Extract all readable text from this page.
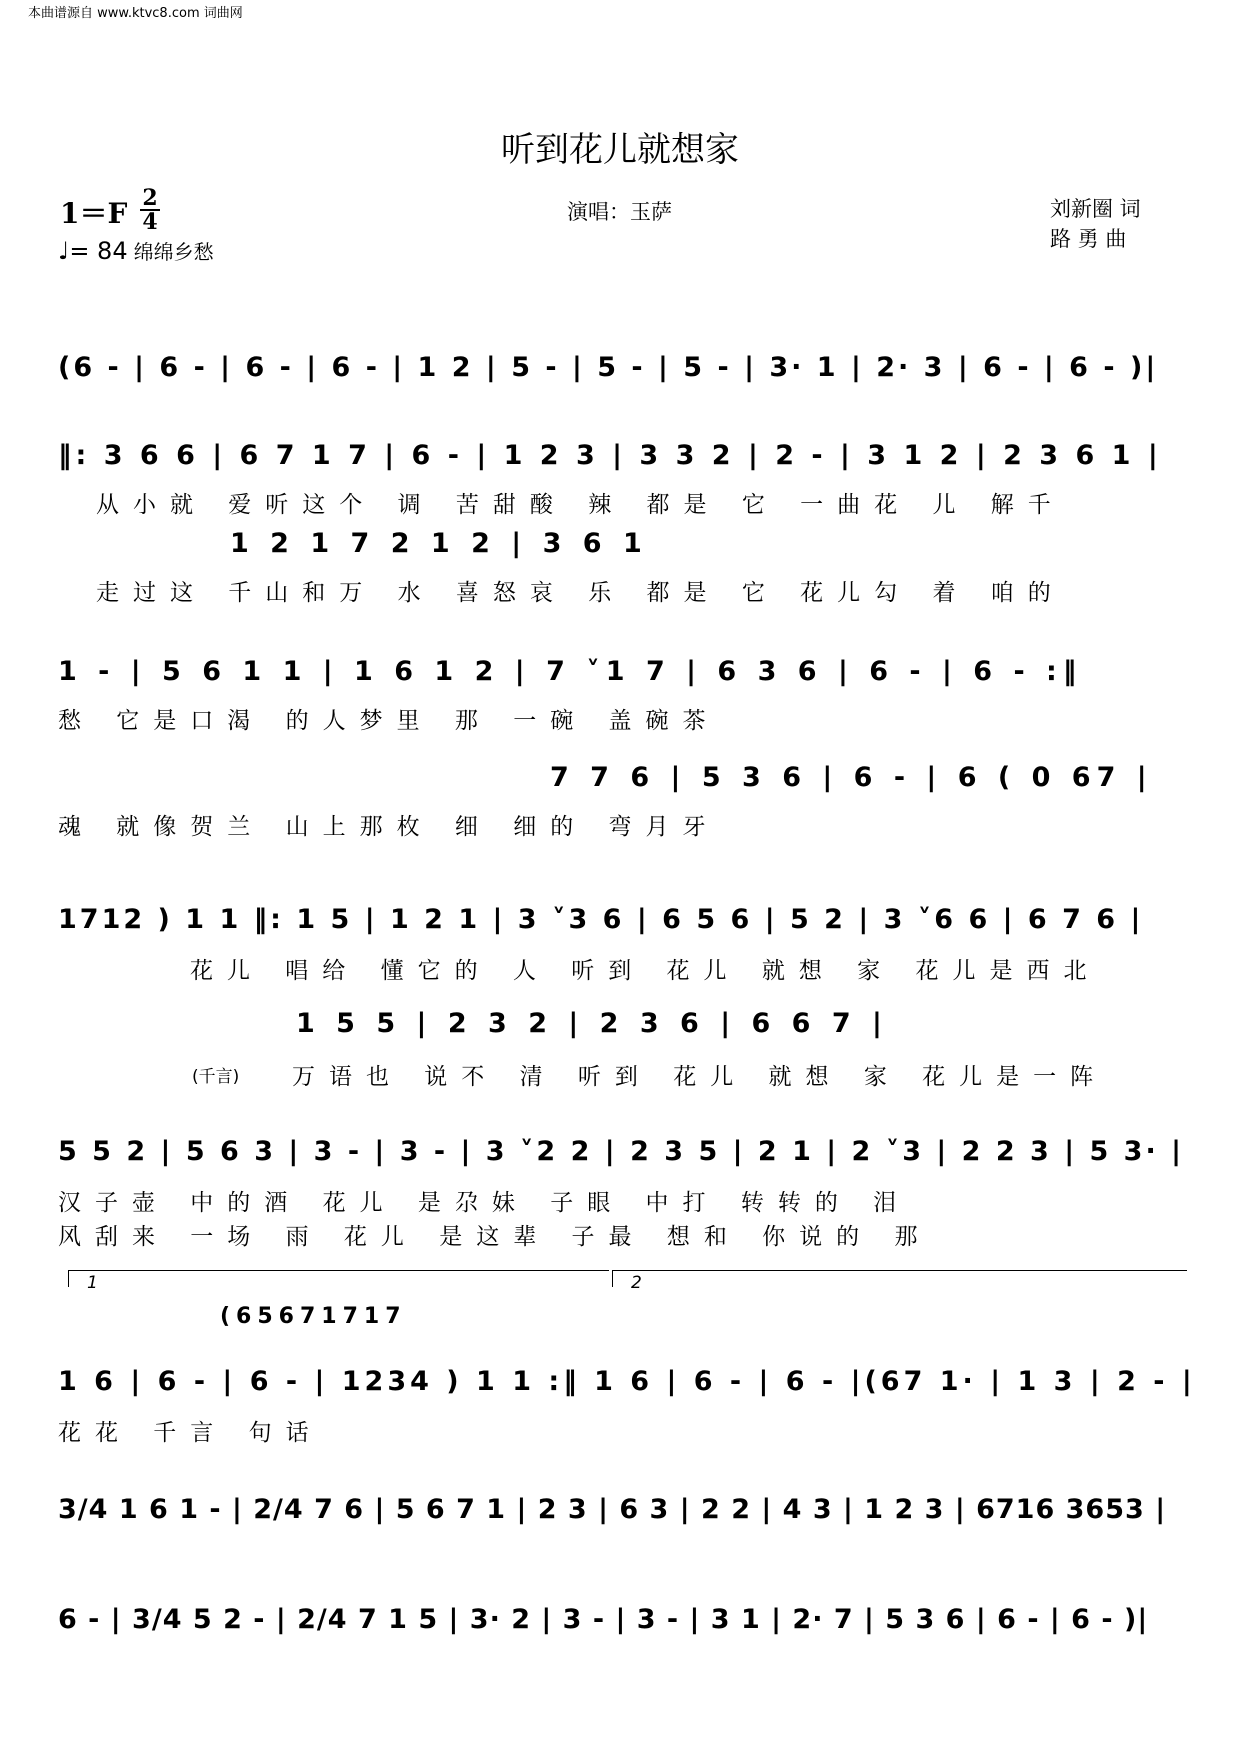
本曲谱源自 www.ktvc8.com 词曲网
听到花儿就想家
1＝F 2
4
♩= 84 绵绵乡愁
演唱：玉萨	刘新圈 词
路 勇 曲
(6 - | 6 - | 6 - | 6 - | 1 2 | 5 - | 5 - | 5 - | 3· 1 | 2· 3 | 6 - | 6 - )|
‖: 3 6 6 | 6 7 1 7 | 6 - | 1 2 3 | 3 3 2 | 2 - | 3 1 2 | 2 3 6 1 |
从小就 爱听这个 调 苦甜酸 辣 都是 它 一曲花 儿 解千
1 2 1 7 2 1 2 | 3 6 1
走过这 千山和万 水 喜怒哀 乐 都是 它 花儿勾 着 咱的
1 - | 5 6 1 1 | 1 6 1 2 | 7 ˅1 7 | 6 3 6 | 6 - | 6 - :‖
愁 它是口渴 的人梦里 那 一碗 盖碗茶
7 7 6 | 5 3 6 | 6 - | 6 ( 0 67 |
魂 就像贺兰 山上那枚 细 细的 弯月牙
1712 ) 1 1 ‖: 1 5 | 1 2 1 | 3 ˅3 6 | 6 5 6 | 5 2 | 3 ˅6 6 | 6 7 6 |
花儿 唱给 懂它的 人 听到 花儿 就想 家 花儿是西北
1 5 5 | 2 3 2 | 2 3 6 | 6 6 7 |
(千言) 万语也 说不 清 听到 花儿 就想 家 花儿是一阵
5 5 2 | 5 6 3 | 3 - | 3 - | 3 ˅2 2 | 2 3 5 | 2 1 | 2 ˅3 | 2 2 3 | 5 3· |
汉子壶 中的酒 花儿 是尕妹 子眼 中打 转转的 泪
风刮来 一场 雨 花儿 是这辈 子最 想和 你说的 那
1	2
(65671717
1 6 | 6 - | 6 - | 1234 ) 1 1 :‖ 1 6 | 6 - | 6 - |(67 1· | 1 3 | 2 - |
花花 千言 句话
3/4 1 6 1 - | 2/4 7 6 | 5 6 7 1 | 2 3 | 6 3 | 2 2 | 4 3 | 1 2 3 | 6716 3653 |
6 - | 3/4 5 2 - | 2/4 7 1 5 | 3· 2 | 3 - | 3 - | 3 1 | 2· 7 | 5 3 6 | 6 - | 6 - )|
